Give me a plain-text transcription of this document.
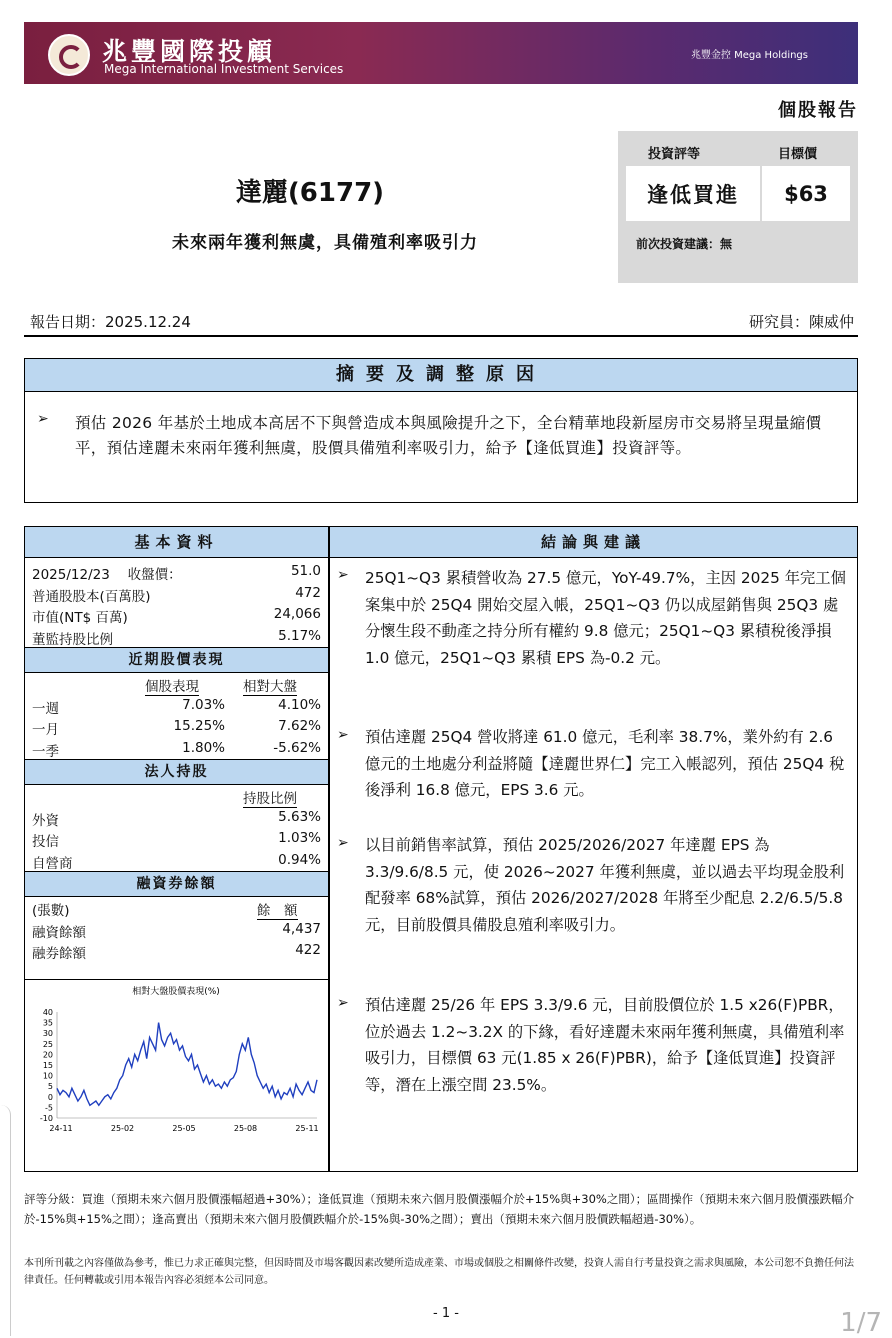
兆豐國際投顧
Mega International Investment Services
兆豐金控 Mega Holdings
個股報告
達麗(6177)
未來兩年獲利無虞，具備殖利率吸引力
投資評等	目標價
逢低買進	$63
前次投資建議：無
報告日期：2025.12.24	研究員：陳威仲
摘要及調整原因
➢ 預估 2026 年基於土地成本高居不下與營造成本與風險提升之下，全台精華地段新屋房市交易將呈現量縮價平，預估達麗未來兩年獲利無虞，股價具備殖利率吸引力，給予【逢低買進】投資評等。
基本資料
2025/12/23　 收盤價：	51.0
普通股股本(百萬股)	472
市值(NT$ 百萬)	24,066
董監持股比例	5.17%
近期股價表現
個股表現	相對大盤
一週	7.03%	4.10%
一月	15.25%	7.62%
一季	1.80%	-5.62%
法人持股
持股比例
外資	5.63%
投信	1.03%
自營商	0.94%
融資券餘額
(張數)	餘　額
融資餘額	4,437
融券餘額	422
相對大盤股價表現(%)
40
35
30
25
20
15
10
5
0
-5
-10
24-11	25-02	25-05	25-08	25-11
結論與建議
➢ 25Q1~Q3 累積營收為 27.5 億元，YoY-49.7%，主因 2025 年完工個案集中於 25Q4 開始交屋入帳，25Q1~Q3 仍以成屋銷售與 25Q3 處分懷生段不動產之持分所有權約 9.8 億元；25Q1~Q3 累積稅後淨損 1.0 億元，25Q1~Q3 累積 EPS 為-0.2 元。
➢ 預估達麗 25Q4 營收將達 61.0 億元，毛利率 38.7%，業外約有 2.6 億元的土地處分利益將隨【達麗世界仁】完工入帳認列，預估 25Q4 稅後淨利 16.8 億元，EPS 3.6 元。
➢ 以目前銷售率試算，預估 2025/2026/2027 年達麗 EPS 為 3.3/9.6/8.5 元，使 2026~2027 年獲利無虞，並以過去平均現金股利配發率 68%試算，預估 2026/2027/2028 年將至少配息 2.2/6.5/5.8 元，目前股價具備股息殖利率吸引力。
➢ 預估達麗 25/26 年 EPS 3.3/9.6 元，目前股價位於 1.5 x26(F)PBR，位於過去 1.2~3.2X 的下緣，看好達麗未來兩年獲利無虞，具備殖利率吸引力，目標價 63 元(1.85 x 26(F)PBR)，給予【逢低買進】投資評等，潛在上漲空間 23.5%。
評等分級：買進（預期未來六個月股價漲幅超過+30%）；逢低買進（預期未來六個月股價漲幅介於+15%與+30%之間）；區間操作（預期未來六個月股價漲跌幅介於-15%與+15%之間）；逢高賣出（預期未來六個月股價跌幅介於-15%與-30%之間）；賣出（預期未來六個月股價跌幅超過-30%）。
本刊所刊載之內容僅做為參考，惟已力求正確與完整，但因時間及市場客觀因素改變所造成產業、市場或個股之相關條件改變，投資人需自行考量投資之需求與風險，本公司恕不負擔任何法律責任。任何轉載或引用本報告內容必須經本公司同意。
- 1 -	1/7
